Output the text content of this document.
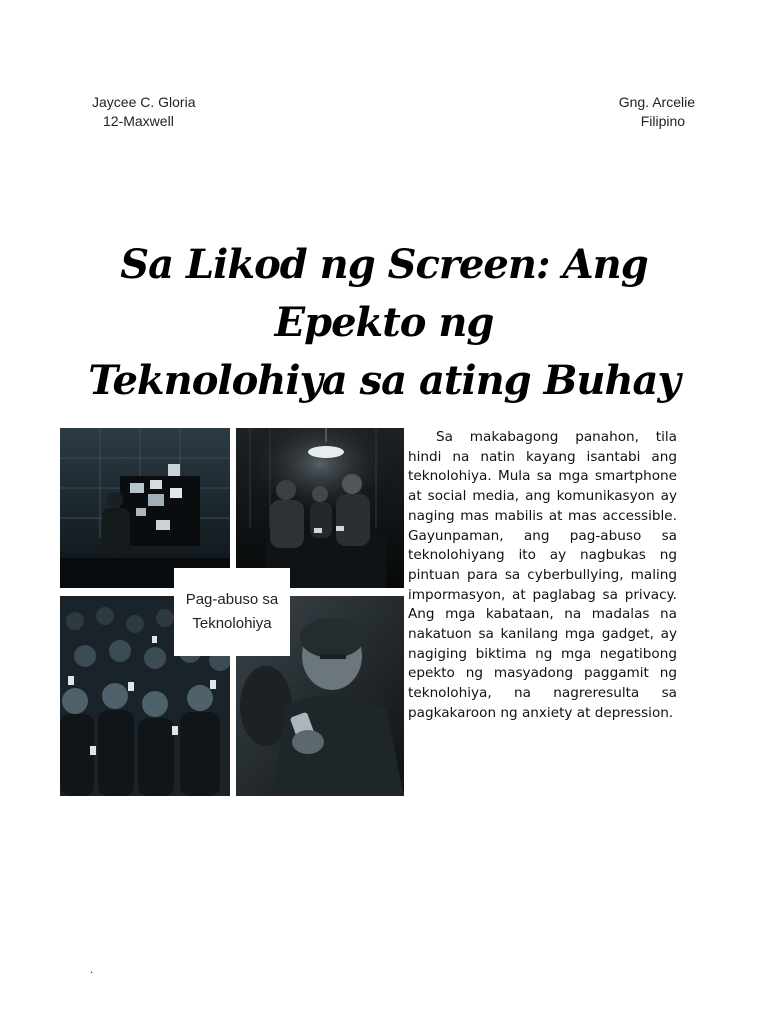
Jaycee C. Gloria
12-Maxwell
Gng. Arcelie
Filipino
Sa Likod ng Screen: Ang Epekto ng
Teknolohiya sa ating Buhay
Pag-abuso sa
Teknolohiya
Sa makabagong panahon, tila hindi na natin kayang isantabi ang teknolohiya. Mula sa mga smartphone at social media, ang komunikasyon ay naging mas mabilis at mas accessible. Gayunpaman, ang pag-abuso sa teknolohiyang ito ay nagbukas ng pintuan para sa cyberbullying, maling impormasyon, at paglabag sa privacy. Ang mga kabataan, na madalas na nakatuon sa kanilang mga gadget, ay nagiging biktima ng mga negatibong epekto ng masyadong paggamit ng teknolohiya, na nagreresulta sa pagkakaroon ng anxiety at depression.
.
